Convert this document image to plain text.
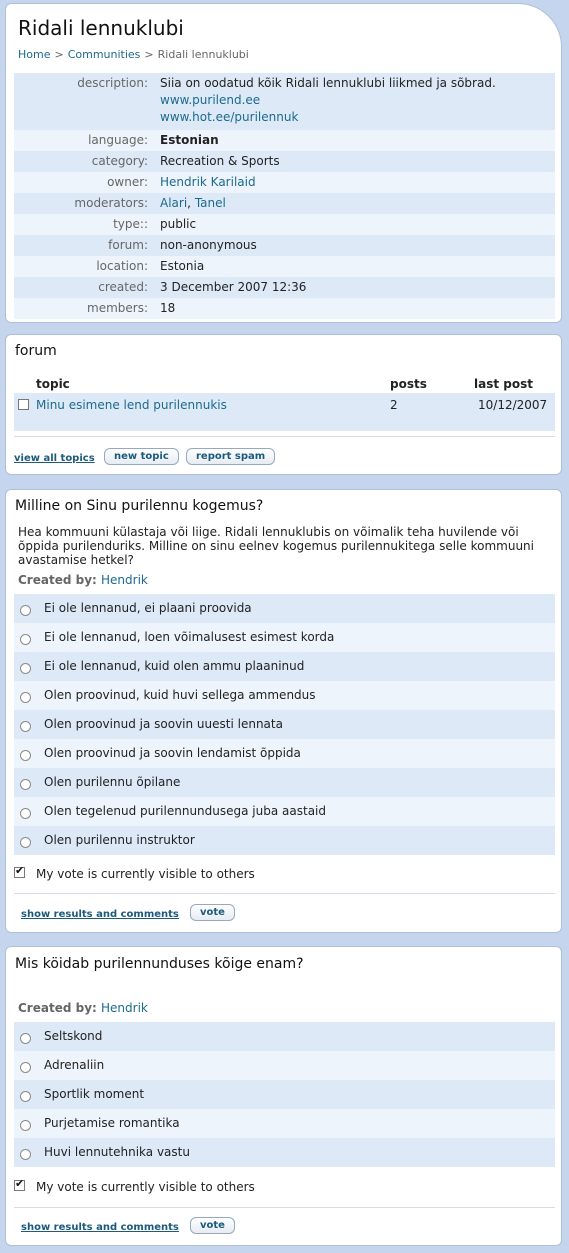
Ridali lennuklubi
Home > Communities > Ridali lennuklubi
description:	Siia on oodatud kõik Ridali lennuklubi liikmed ja sõbrad.
www.purilend.ee
www.hot.ee/purilennuk
language:	Estonian
category:	Recreation & Sports
owner:	Hendrik Karilaid
moderators:	Alari, Tanel
type::	public
forum:	non-anonymous
location:	Estonia
created:	3 December 2007 12:36
members:	18
forum
topic	posts	last post
Minu esimene lend purilennukis	2	10/12/2007
view all topics	new topic	report spam
Milline on Sinu purilennu kogemus?
Hea kommuuni külastaja või liige. Ridali lennuklubis on võimalik teha huvilende või õppida purilenduriks. Milline on sinu eelnev kogemus purilennukitega selle kommuuni avastamise hetkel?
Created by: Hendrik
Ei ole lennanud, ei plaani proovida
Ei ole lennanud, loen võimalusest esimest korda
Ei ole lennanud, kuid olen ammu plaaninud
Olen proovinud, kuid huvi sellega ammendus
Olen proovinud ja soovin uuesti lennata
Olen proovinud ja soovin lendamist õppida
Olen purilennu õpilane
Olen tegelenud purilennundusega juba aastaid
Olen purilennu instruktor
✔
My vote is currently visible to others
show results and comments	vote
Mis köidab purilennunduses kõige enam?
Created by: Hendrik
Seltskond
Adrenaliin
Sportlik moment
Purjetamise romantika
Huvi lennutehnika vastu
✔
My vote is currently visible to others
show results and comments	vote
